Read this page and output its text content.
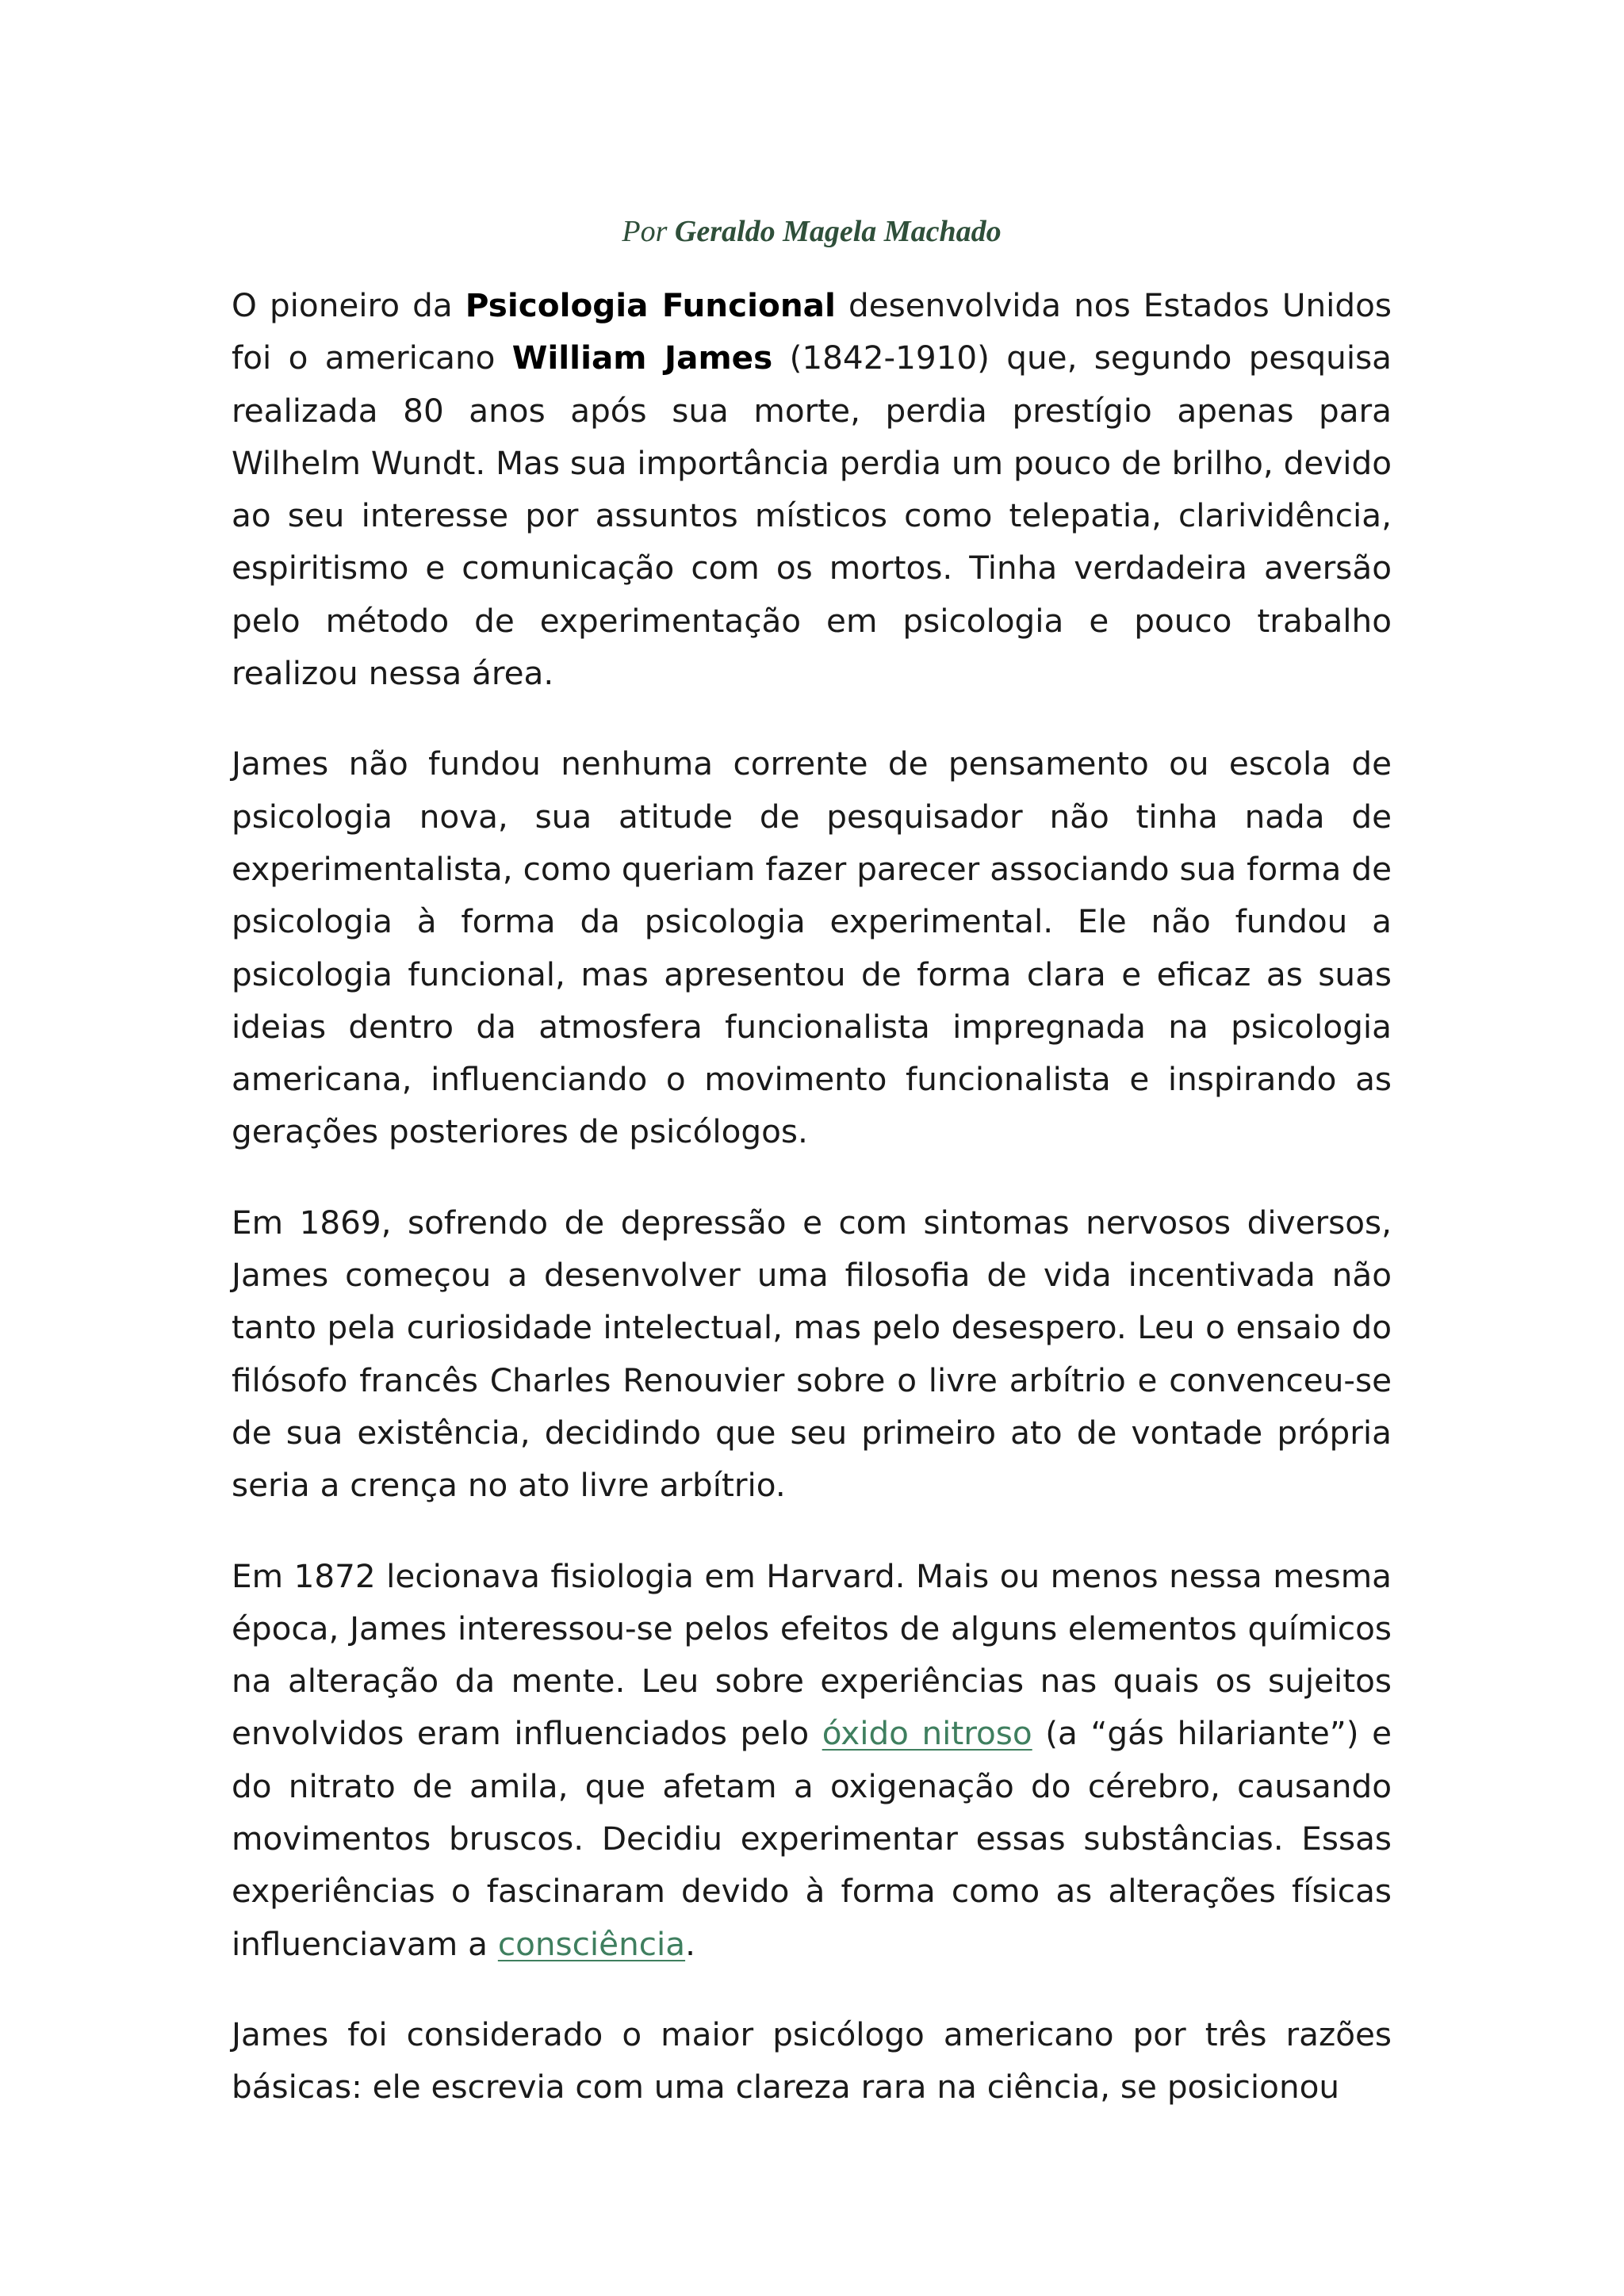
Por Geraldo Magela Machado

O pioneiro da Psicologia Funcional desenvolvida nos Estados Unidos foi o americano William James (1842-1910) que, segundo pesquisa realizada 80 anos após sua morte, perdia prestígio apenas para Wilhelm Wundt. Mas sua importância perdia um pouco de brilho, devido ao seu interesse por assuntos místicos como telepatia, clarividência, espiritismo e comunicação com os mortos. Tinha verdadeira aversão pelo método de experimentação em psicologia e pouco trabalho realizou nessa área.

James não fundou nenhuma corrente de pensamento ou escola de psicologia nova, sua atitude de pesquisador não tinha nada de experimentalista, como queriam fazer parecer associando sua forma de psicologia à forma da psicologia experimental. Ele não fundou a psicologia funcional, mas apresentou de forma clara e eficaz as suas ideias dentro da atmosfera funcionalista impregnada na psicologia americana, influenciando o movimento funcionalista e inspirando as gerações posteriores de psicólogos.

Em 1869, sofrendo de depressão e com sintomas nervosos diversos, James começou a desenvolver uma filosofia de vida incentivada não tanto pela curiosidade intelectual, mas pelo desespero. Leu o ensaio do filósofo francês Charles Renouvier sobre o livre arbítrio e convenceu-se de sua existência, decidindo que seu primeiro ato de vontade própria seria a crença no ato livre arbítrio.

Em 1872 lecionava fisiologia em Harvard. Mais ou menos nessa mesma época, James interessou-se pelos efeitos de alguns elementos químicos na alteração da mente. Leu sobre experiências nas quais os sujeitos envolvidos eram influenciados pelo óxido nitroso (a “gás hilariante”) e do nitrato de amila, que afetam a oxigenação do cérebro, causando movimentos bruscos. Decidiu experimentar essas substâncias. Essas experiências o fascinaram devido à forma como as alterações físicas influenciavam a consciência.

James foi considerado o maior psicólogo americano por três razões básicas: ele escrevia com uma clareza rara na ciência, se posicionou
